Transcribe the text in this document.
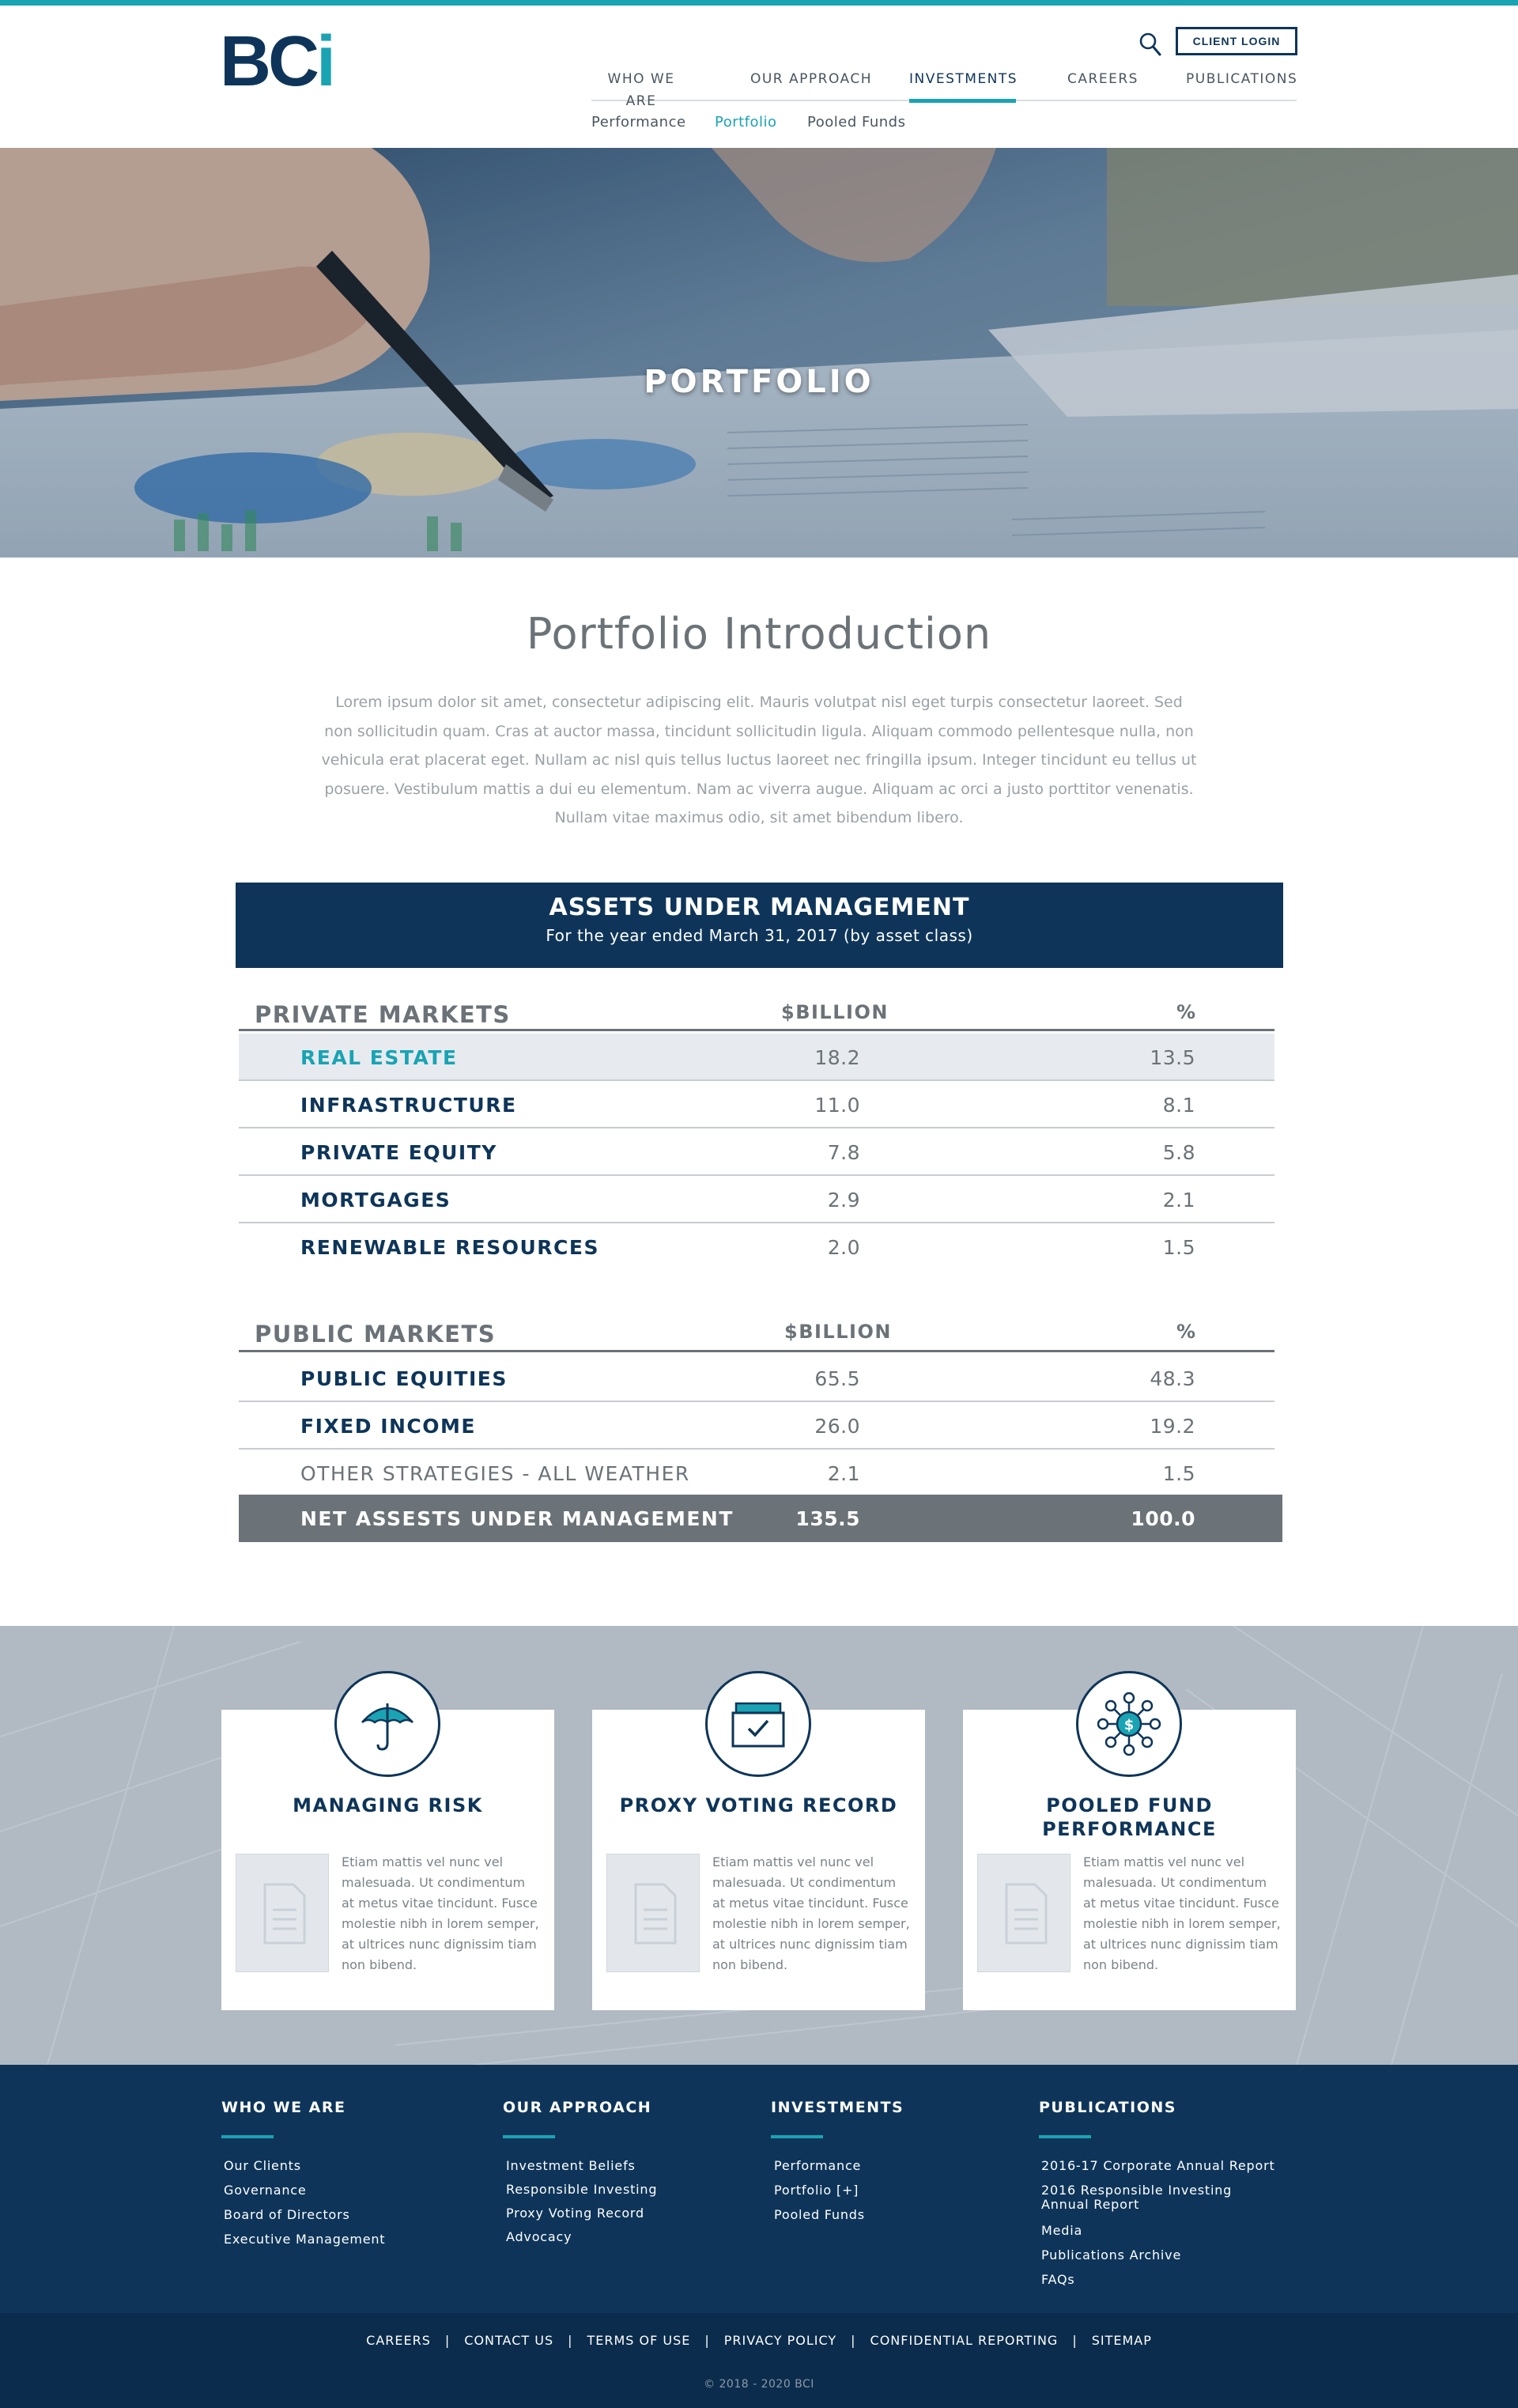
BCi	CLIENT LOGIN
WHO WE ARE
OUR APPROACH	INVESTMENTS	CAREERS	PUBLICATIONS
Performance Portfolio Pooled Funds
PORTFOLIO
Portfolio Introduction
Lorem ipsum dolor sit amet, consectetur adipiscing elit. Mauris volutpat nisl eget turpis consectetur laoreet. Sed non sollicitudin quam. Cras at auctor massa, tincidunt sollicitudin ligula. Aliquam commodo pellentesque nulla, non vehicula erat placerat eget. Nullam ac nisl quis tellus luctus laoreet nec fringilla ipsum. Integer tincidunt eu tellus ut posuere. Vestibulum mattis a dui eu elementum. Nam ac viverra augue. Aliquam ac orci a justo porttitor venenatis. Nullam vitae maximus odio, sit amet bibendum libero.
ASSETS UNDER MANAGEMENT
For the year ended March 31, 2017 (by asset class)
PRIVATE MARKETS	$BILLION	%
REAL ESTATE	18.2	13.5
INFRASTRUCTURE	11.0	8.1
PRIVATE EQUITY	7.8	5.8
MORTGAGES	2.9	2.1
RENEWABLE RESOURCES	2.0	1.5
PUBLIC MARKETS	$BILLION	%
PUBLIC EQUITIES	65.5	48.3
FIXED INCOME	26.0	19.2
OTHER STRATEGIES - ALL WEATHER	2.1	1.5
NET ASSESTS UNDER MANAGEMENT	135.5	100.0
MANAGING RISK
Etiam mattis vel nunc vel malesuada. Ut condimentum at metus vitae tincidunt. Fusce molestie nibh in lorem semper, at ultrices nunc dignissim tiam non bibend.
PROXY VOTING RECORD
Etiam mattis vel nunc vel malesuada. Ut condimentum at metus vitae tincidunt. Fusce molestie nibh in lorem semper, at ultrices nunc dignissim tiam non bibend.
POOLED FUND PERFORMANCE
Etiam mattis vel nunc vel malesuada. Ut condimentum at metus vitae tincidunt. Fusce molestie nibh in lorem semper, at ultrices nunc dignissim tiam non bibend.
$
WHO WE ARE
Our Clients
Governance
Board of Directors
Executive Management
OUR APPROACH
Investment Beliefs
Responsible Investing
Proxy Voting Record
Advocacy
INVESTMENTS
Performance
Portfolio [+]
Pooled Funds
PUBLICATIONS
2016-17 Corporate Annual Report
2016 Responsible Investing Annual Report
Media
Publications Archive
FAQs
CAREERS | CONTACT US | TERMS OF USE | PRIVACY POLICY | CONFIDENTIAL REPORTING | SITEMAP
© 2018 - 2020 BCI
